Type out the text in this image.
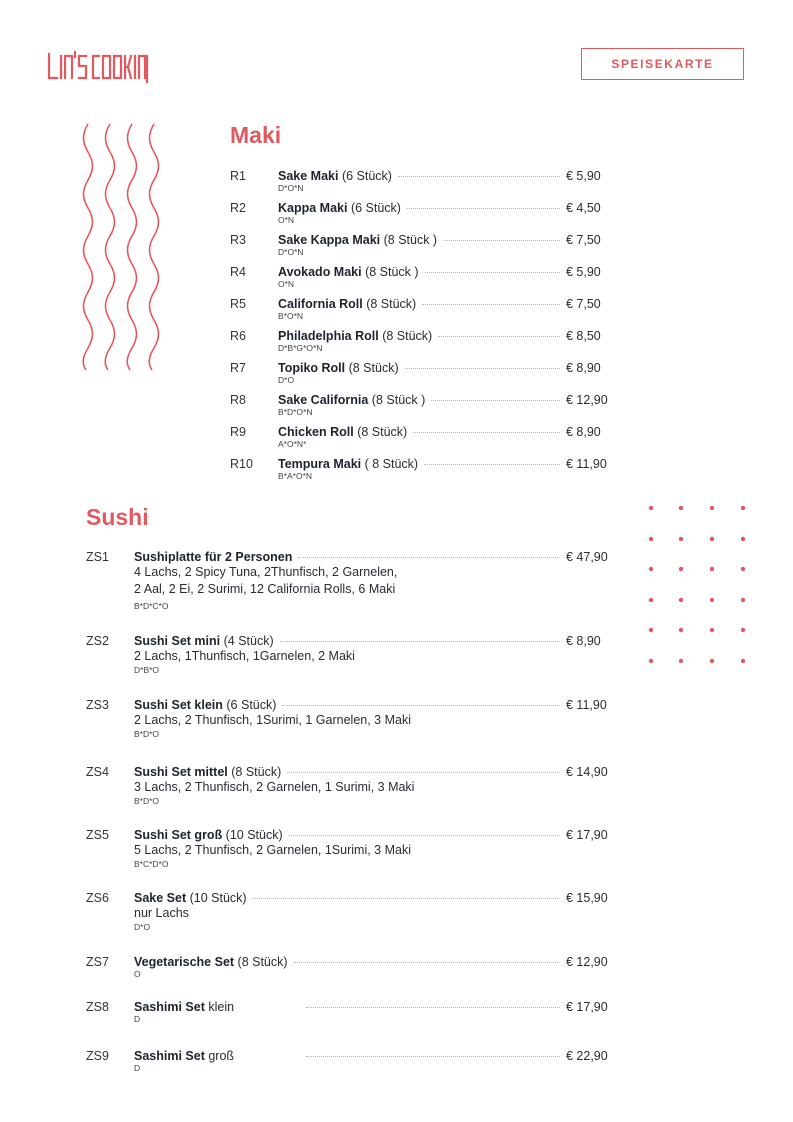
SPEISEKARTE
Maki
R1	Sake Maki (6 Stück)	€ 5,90
D*O*N
R2	Kappa Maki (6 Stück)	€ 4,50
O*N
R3	Sake Kappa Maki (8 Stück )	€ 7,50
D*O*N
R4	Avokado Maki (8 Stück )	€ 5,90
O*N
R5	California Roll (8 Stück)	€ 7,50
B*O*N
R6	Philadelphia Roll (8 Stück)	€ 8,50
D*B*G*O*N
R7	Topiko Roll (8 Stück)	€ 8,90
D*O
R8	Sake California (8 Stück )	€ 12,90
B*D*O*N
R9	Chicken Roll (8 Stück)	€ 8,90
A*O*N*
R10	Tempura Maki ( 8 Stück)	€ 11,90
B*A*O*N
Sushi
ZS1	Sushiplatte für 2 Personen	€ 47,90
4 Lachs, 2 Spicy Tuna, 2Thunfisch, 2 Garnelen,
2 Aal, 2 Ei, 2 Surimi, 12 California Rolls, 6 Maki
B*D*C*O
ZS2	Sushi Set mini (4 Stück)	€ 8,90
2 Lachs, 1Thunfisch, 1Garnelen, 2 Maki
D*B*O
ZS3	Sushi Set klein (6 Stück)	€ 11,90
2 Lachs, 2 Thunfisch, 1Surimi, 1 Garnelen, 3 Maki
B*D*O
ZS4	Sushi Set mittel (8 Stück)	€ 14,90
3 Lachs, 2 Thunfisch, 2 Garnelen, 1 Surimi, 3 Maki
B*D*O
ZS5	Sushi Set groß (10 Stück)	€ 17,90
5 Lachs, 2 Thunfisch, 2 Garnelen, 1Surimi, 3 Maki
B*C*D*O
ZS6	Sake Set (10 Stück)	€ 15,90
nur Lachs
D*O
ZS7	Vegetarische Set (8 Stück)	€ 12,90
O
ZS8	Sashimi Set klein	€ 17,90
D
ZS9	Sashimi Set groß	€ 22,90
D
